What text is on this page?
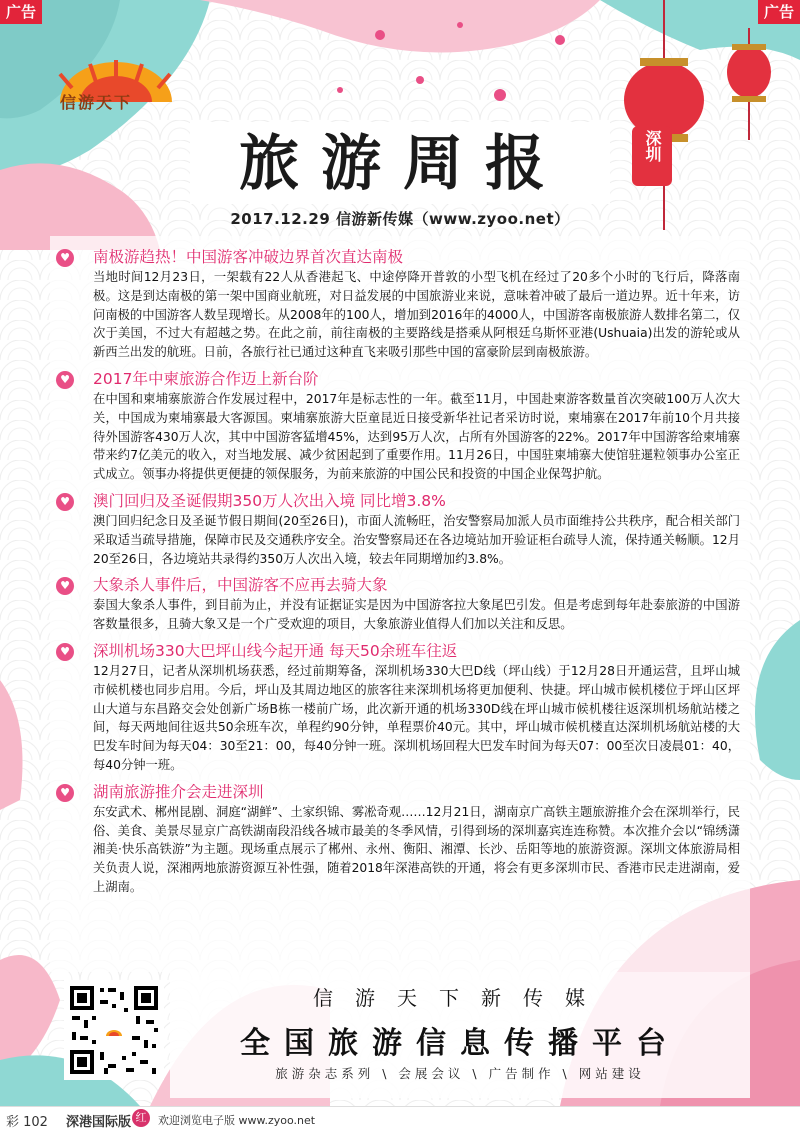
广告	广告
信游天下
旅游周报
2017.12.29 信游新传媒（www.zyoo.net）
深圳
♥ 南极游趋热！中国游客冲破边界首次直达南极
当地时间12月23日，一架载有22人从香港起飞、中途停降开普敦的小型飞机在经过了20多个小时的飞行后，降落南极。这是到达南极的第一架中国商业航班，对日益发展的中国旅游业来说，意味着冲破了最后一道边界。近十年来，访问南极的中国游客人数呈现增长。从2008年的100人，增加到2016年的4000人，中国游客南极旅游人数排名第二，仅次于美国，不过大有超越之势。在此之前，前往南极的主要路线是搭乘从阿根廷乌斯怀亚港(Ushuaia)出发的游轮或从新西兰出发的航班。日前，各旅行社已通过这种直飞来吸引那些中国的富豪阶层到南极旅游。
♥ 2017年中柬旅游合作迈上新台阶
在中国和柬埔寨旅游合作发展过程中，2017年是标志性的一年。截至11月，中国赴柬游客数量首次突破100万人次大关，中国成为柬埔寨最大客源国。柬埔寨旅游大臣童昆近日接受新华社记者采访时说，柬埔寨在2017年前10个月共接待外国游客430万人次，其中中国游客猛增45%，达到95万人次，占所有外国游客的22%。2017年中国游客给柬埔寨带来约7亿美元的收入，对当地发展、减少贫困起到了重要作用。11月26日，中国驻柬埔寨大使馆驻暹粒领事办公室正式成立。领事办将提供更便捷的领保服务，为前来旅游的中国公民和投资的中国企业保驾护航。
♥ 澳门回归及圣诞假期350万人次出入境 同比增3.8%
澳门回归纪念日及圣诞节假日期间(20至26日)，市面人流畅旺，治安警察局加派人员市面维持公共秩序，配合相关部门采取适当疏导措施，保障市民及交通秩序安全。治安警察局还在各边境站加开验证柜台疏导人流，保持通关畅顺。12月20至26日，各边境站共录得约350万人次出入境，较去年同期增加约3.8%。
♥ 大象杀人事件后，中国游客不应再去骑大象
泰国大象杀人事件，到目前为止，并没有证据证实是因为中国游客拉大象尾巴引发。但是考虑到每年赴泰旅游的中国游客数量很多，且骑大象又是一个广受欢迎的项目，大象旅游业值得人们加以关注和反思。
♥ 深圳机场330大巴坪山线今起开通 每天50余班车往返
12月27日，记者从深圳机场获悉，经过前期筹备，深圳机场330大巴D线（坪山线）于12月28日开通运营，且坪山城市候机楼也同步启用。今后，坪山及其周边地区的旅客往来深圳机场将更加便利、快捷。坪山城市候机楼位于坪山区坪山大道与东昌路交会处创新广场B栋一楼前广场，此次新开通的机场330D线在坪山城市候机楼往返深圳机场航站楼之间，每天两地间往返共50余班车次，单程约90分钟，单程票价40元。其中，坪山城市候机楼直达深圳机场航站楼的大巴发车时间为每天04：30至21：00，每40分钟一班。深圳机场回程大巴发车时间为每天07：00至次日凌晨01：40，每40分钟一班。
♥ 湖南旅游推介会走进深圳
东安武术、郴州昆剧、洞庭“湖鲜”、土家织锦、雾凇奇观……12月21日，湖南京广高铁主题旅游推介会在深圳举行，民俗、美食、美景尽显京广高铁湖南段沿线各城市最美的冬季风情，引得到场的深圳嘉宾连连称赞。本次推介会以“锦绣潇湘美·快乐高铁游”为主题。现场重点展示了郴州、永州、衡阳、湘潭、长沙、岳阳等地的旅游资源。深圳文体旅游局相关负责人说，深湘两地旅游资源互补性强，随着2018年深港高铁的开通，将会有更多深圳市民、香港市民走进湖南，爱上湖南。
信游天下新传媒
全国旅游信息传播平台
旅游杂志系列 \ 会展会议 \ 广告制作 \ 网站建设
彩 102 深港国际版 红	欢迎浏览电子版 www.zyoo.net
